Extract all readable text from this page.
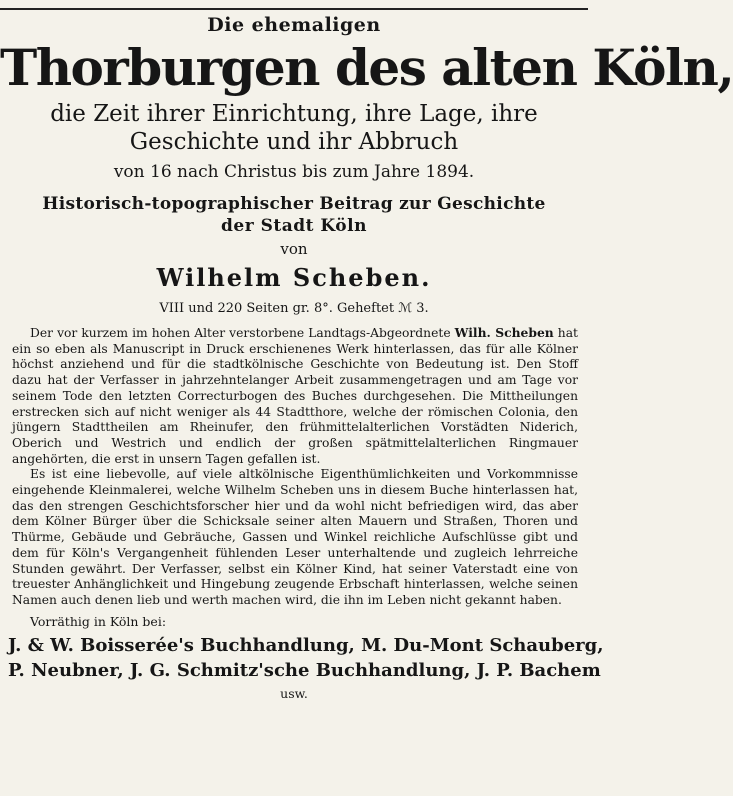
Die ehemaligen
Thorburgen des alten Köln,
die Zeit ihrer Einrichtung, ihre Lage, ihre
Geschichte und ihr Abbruch
von 16 nach Christus bis zum Jahre 1894.
Historisch-topographischer Beitrag zur Geschichte
der Stadt Köln
von
Wilhelm Scheben.
VIII und 220 Seiten gr. 8°. Geheftet ℳ 3.

Der vor kurzem im hohen Alter verstorbene Landtags-Abgeordnete Wilh. Scheben hat ein so eben als Manuscript in Druck erschienenes Werk hinterlassen, das für alle Kölner höchst anziehend und für die stadtkölnische Geschichte von Bedeutung ist. Den Stoff dazu hat der Verfasser in jahrzehntelanger Arbeit zusammengetragen und am Tage vor seinem Tode den letzten Correcturbogen des Buches durchgesehen. Die Mittheilungen erstrecken sich auf nicht weniger als 44 Stadtthore, welche der römischen Colonia, den jüngern Stadttheilen am Rheinufer, den frühmittelalterlichen Vorstädten Niderich, Oberich und Westrich und endlich der großen spätmittelalterlichen Ringmauer angehörten, die erst in unsern Tagen gefallen ist.

Es ist eine liebevolle, auf viele altkölnische Eigenthümlichkeiten und Vorkommnisse eingehende Kleinmalerei, welche Wilhelm Scheben uns in diesem Buche hinterlassen hat, das den strengen Geschichtsforscher hier und da wohl nicht befriedigen wird, das aber dem Kölner Bürger über die Schicksale seiner alten Mauern und Straßen, Thoren und Thürme, Gebäude und Gebräuche, Gassen und Winkel reichliche Aufschlüsse gibt und dem für Köln's Vergangenheit fühlenden Leser unterhaltende und zugleich lehrreiche Stunden gewährt. Der Verfasser, selbst ein Kölner Kind, hat seiner Vaterstadt eine von treuester Anhänglichkeit und Hingebung zeugende Erbschaft hinterlassen, welche seinen Namen auch denen lieb und werth machen wird, die ihn im Leben nicht gekannt haben.

Vorräthig in Köln bei:
J. & W. Boisserée's Buchhandlung, M. Du-Mont Schauberg,
P. Neubner, J. G. Schmitz'sche Buchhandlung, J. P. Bachem
usw.
